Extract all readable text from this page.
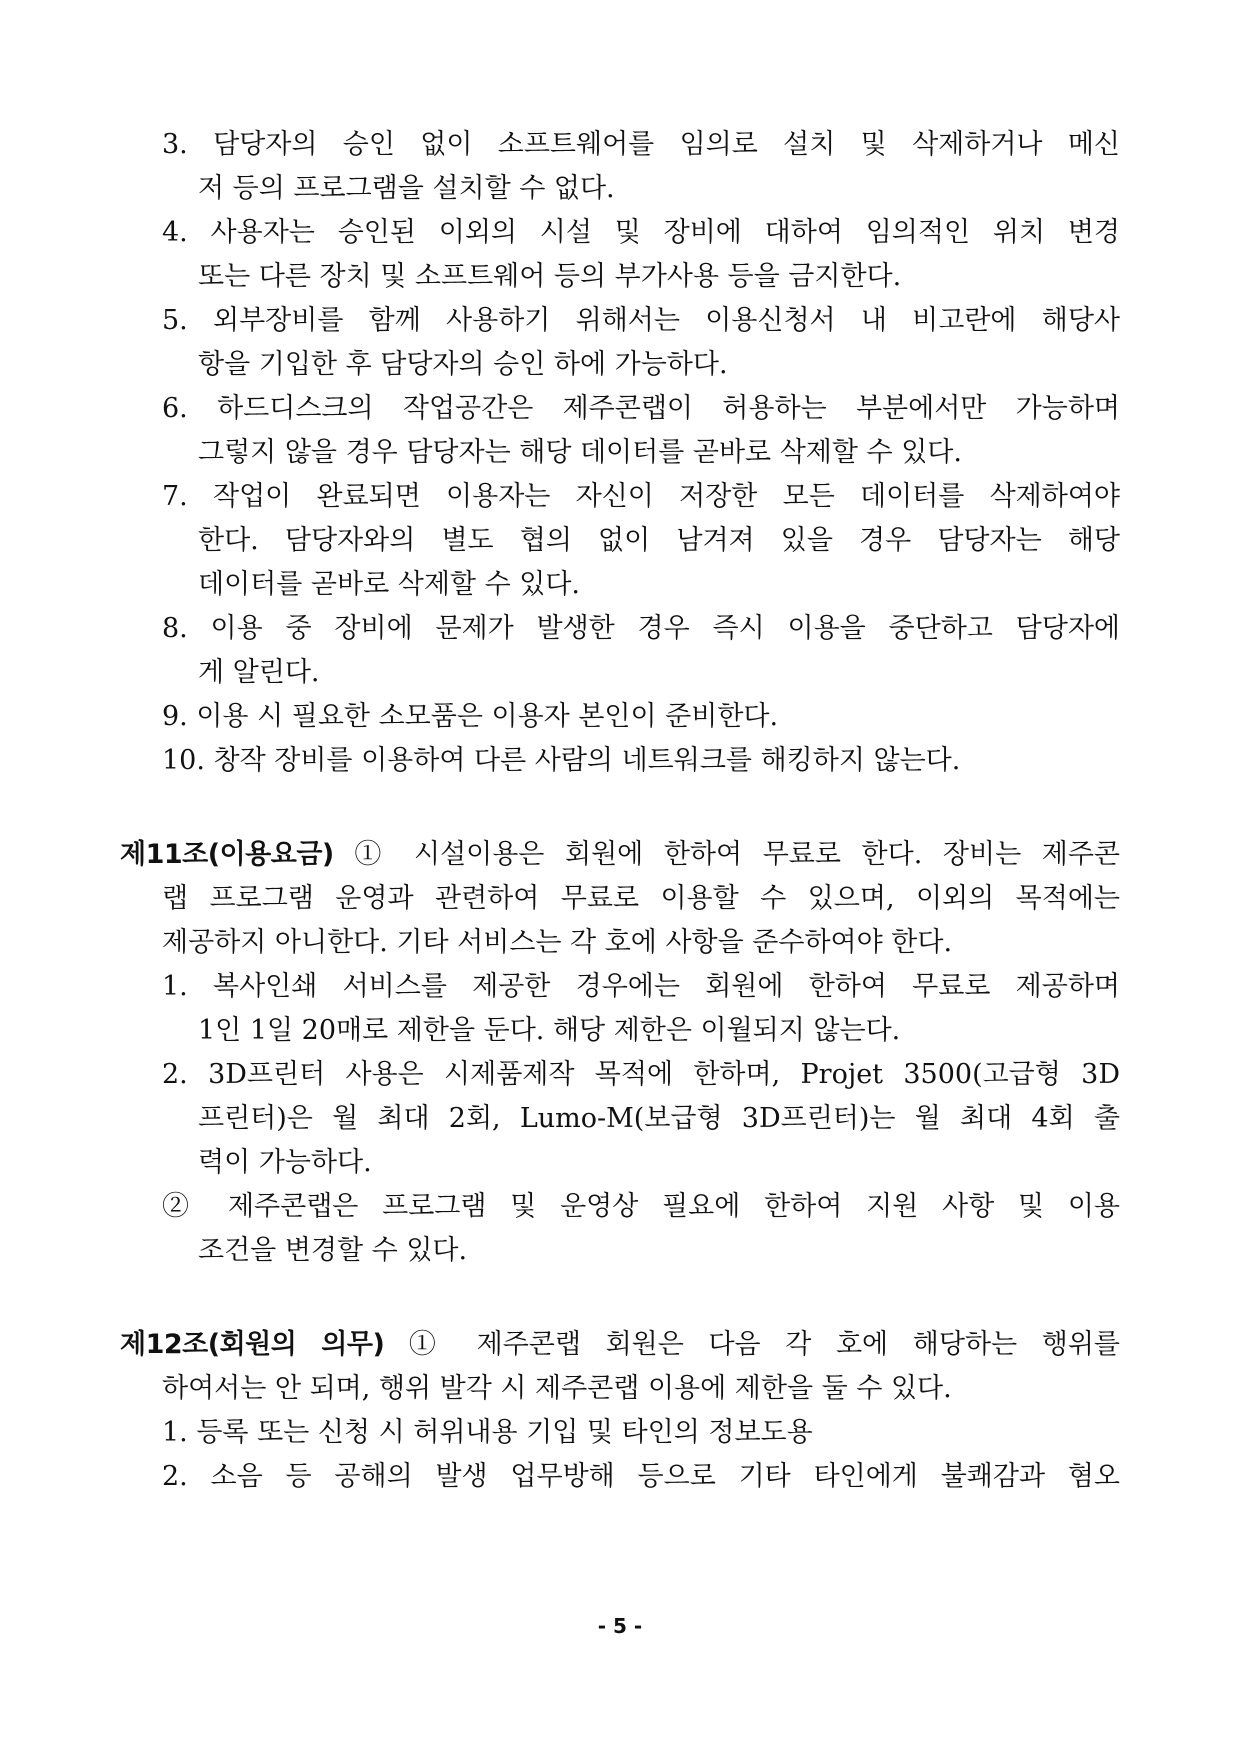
3. 담당자의 승인 없이 소프트웨어를 임의로 설치 및 삭제하거나 메신
저 등의 프로그램을 설치할 수 없다.
4. 사용자는 승인된 이외의 시설 및 장비에 대하여 임의적인 위치 변경
또는 다른 장치 및 소프트웨어 등의 부가사용 등을 금지한다.
5. 외부장비를 함께 사용하기 위해서는 이용신청서 내 비고란에 해당사
항을 기입한 후 담당자의 승인 하에 가능하다.
6. 하드디스크의 작업공간은 제주콘랩이 허용하는 부분에서만 가능하며
그렇지 않을 경우 담당자는 해당 데이터를 곧바로 삭제할 수 있다.
7. 작업이 완료되면 이용자는 자신이 저장한 모든 데이터를 삭제하여야
한다. 담당자와의 별도 협의 없이 남겨져 있을 경우 담당자는 해당
데이터를 곧바로 삭제할 수 있다.
8. 이용 중 장비에 문제가 발생한 경우 즉시 이용을 중단하고 담당자에
게 알린다.
9. 이용 시 필요한 소모품은 이용자 본인이 준비한다.
10. 창작 장비를 이용하여 다른 사람의 네트워크를 해킹하지 않는다.
제11조(이용요금) ① 시설이용은 회원에 한하여 무료로 한다. 장비는 제주콘
랩 프로그램 운영과 관련하여 무료로 이용할 수 있으며, 이외의 목적에는
제공하지 아니한다. 기타 서비스는 각 호에 사항을 준수하여야 한다.
1. 복사인쇄 서비스를 제공한 경우에는 회원에 한하여 무료로 제공하며
1인 1일 20매로 제한을 둔다. 해당 제한은 이월되지 않는다.
2. 3D프린터 사용은 시제품제작 목적에 한하며, Projet 3500(고급형 3D
프린터)은 월 최대 2회, Lumo-M(보급형 3D프린터)는 월 최대 4회 출
력이 가능하다.
② 제주콘랩은 프로그램 및 운영상 필요에 한하여 지원 사항 및 이용
조건을 변경할 수 있다.
제12조(회원의 의무) ① 제주콘랩 회원은 다음 각 호에 해당하는 행위를
하여서는 안 되며, 행위 발각 시 제주콘랩 이용에 제한을 둘 수 있다.
1. 등록 또는 신청 시 허위내용 기입 및 타인의 정보도용
2. 소음 등 공해의 발생 업무방해 등으로 기타 타인에게 불쾌감과 혐오
- 5 -
